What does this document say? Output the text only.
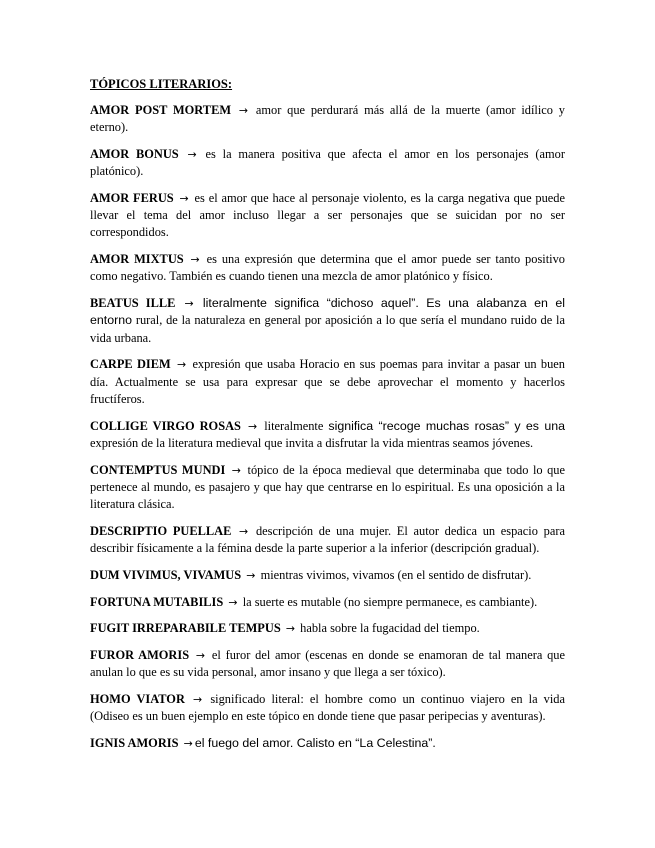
TÓPICOS LITERARIOS:
AMOR POST MORTEM → amor que perdurará más allá de la muerte (amor idílico y eterno).
AMOR BONUS → es la manera positiva que afecta el amor en los personajes (amor platónico).
AMOR FERUS → es el amor que hace al personaje violento, es la carga negativa que puede llevar el tema del amor incluso llegar a ser personajes que se suicidan por no ser correspondidos.
AMOR MIXTUS → es una expresión que determina que el amor puede ser tanto positivo como negativo. También es cuando tienen una mezcla de amor platónico y físico.
BEATUS ILLE → literalmente significa “dichoso aquel”. Es una alabanza en el entorno rural, de la naturaleza en general por aposición a lo que sería el mundano ruido de la vida urbana.
CARPE DIEM → expresión que usaba Horacio en sus poemas para invitar a pasar un buen día. Actualmente se usa para expresar que se debe aprovechar el momento y hacerlos fructíferos.
COLLIGE VIRGO ROSAS → literalmente significa “recoge muchas rosas” y es una expresión de la literatura medieval que invita a disfrutar la vida mientras seamos jóvenes.
CONTEMPTUS MUNDI → tópico de la época medieval que determinaba que todo lo que pertenece al mundo, es pasajero y que hay que centrarse en lo espiritual. Es una oposición a la literatura clásica.
DESCRIPTIO PUELLAE → descripción de una mujer. El autor dedica un espacio para describir físicamente a la fémina desde la parte superior a la inferior (descripción gradual).
DUM VIVIMUS, VIVAMUS → mientras vivimos, vivamos (en el sentido de disfrutar).
FORTUNA MUTABILIS → la suerte es mutable (no siempre permanece, es cambiante).
FUGIT IRREPARABILE TEMPUS → habla sobre la fugacidad del tiempo.
FUROR AMORIS → el furor del amor (escenas en donde se enamoran de tal manera que anulan lo que es su vida personal, amor insano y que llega a ser tóxico).
HOMO VIATOR → significado literal: el hombre como un continuo viajero en la vida (Odiseo es un buen ejemplo en este tópico en donde tiene que pasar peripecias y aventuras).
IGNIS AMORIS → el fuego del amor. Calisto en “La Celestina”.
